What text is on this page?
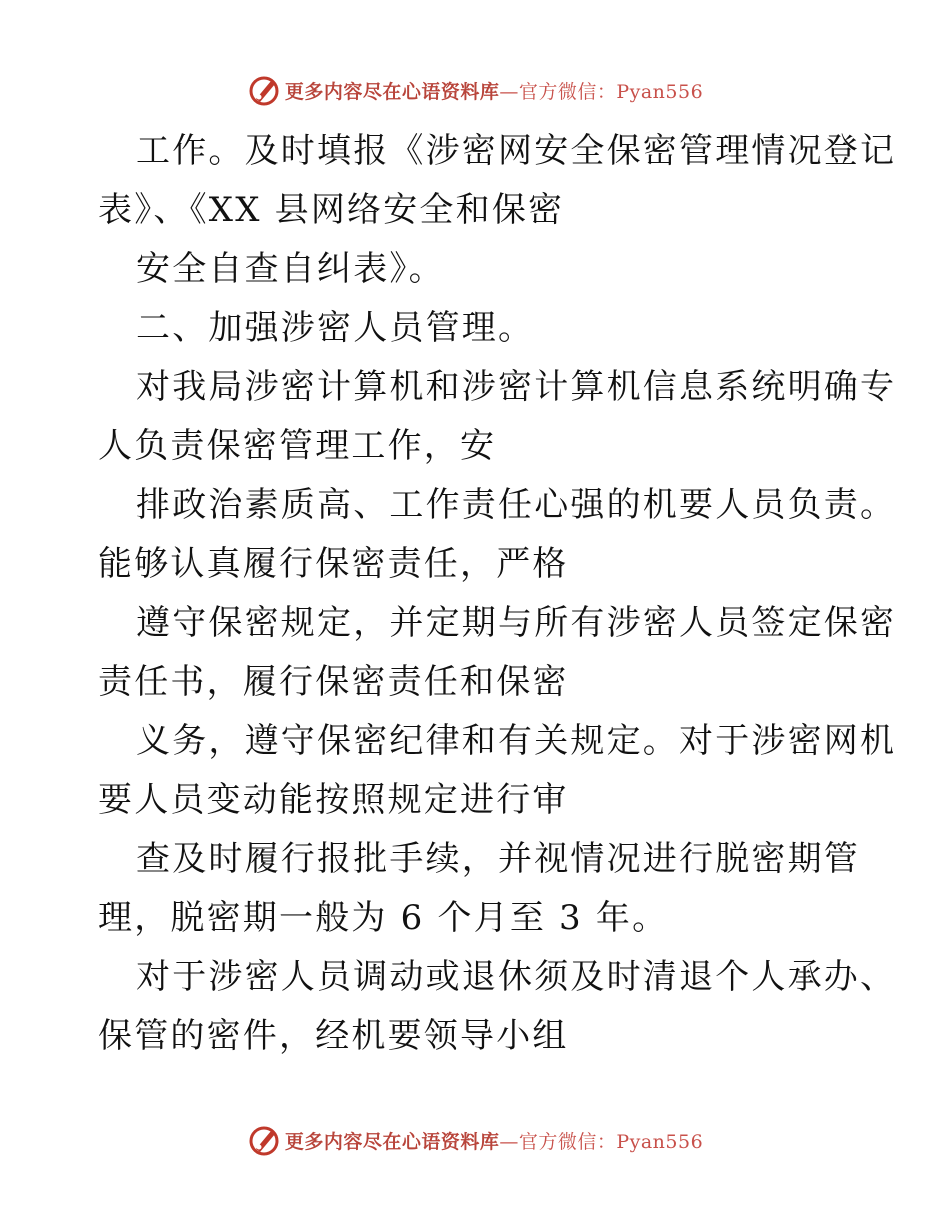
更多内容尽在心语资料库—官方微信：Pyan556
工作。及时填报《涉密网安全保密管理情况登记
表》、《XX 县网络安全和保密
安全自查自纠表》。
二、加强涉密人员管理。
对我局涉密计算机和涉密计算机信息系统明确专
人负责保密管理工作，安
排政治素质高、工作责任心强的机要人员负责。
能够认真履行保密责任，严格
遵守保密规定，并定期与所有涉密人员签定保密
责任书，履行保密责任和保密
义务，遵守保密纪律和有关规定。对于涉密网机
要人员变动能按照规定进行审
查及时履行报批手续，并视情况进行脱密期管
理，脱密期一般为 6 个月至 3 年。
对于涉密人员调动或退休须及时清退个人承办、
保管的密件，经机要领导小组
更多内容尽在心语资料库—官方微信：Pyan556
